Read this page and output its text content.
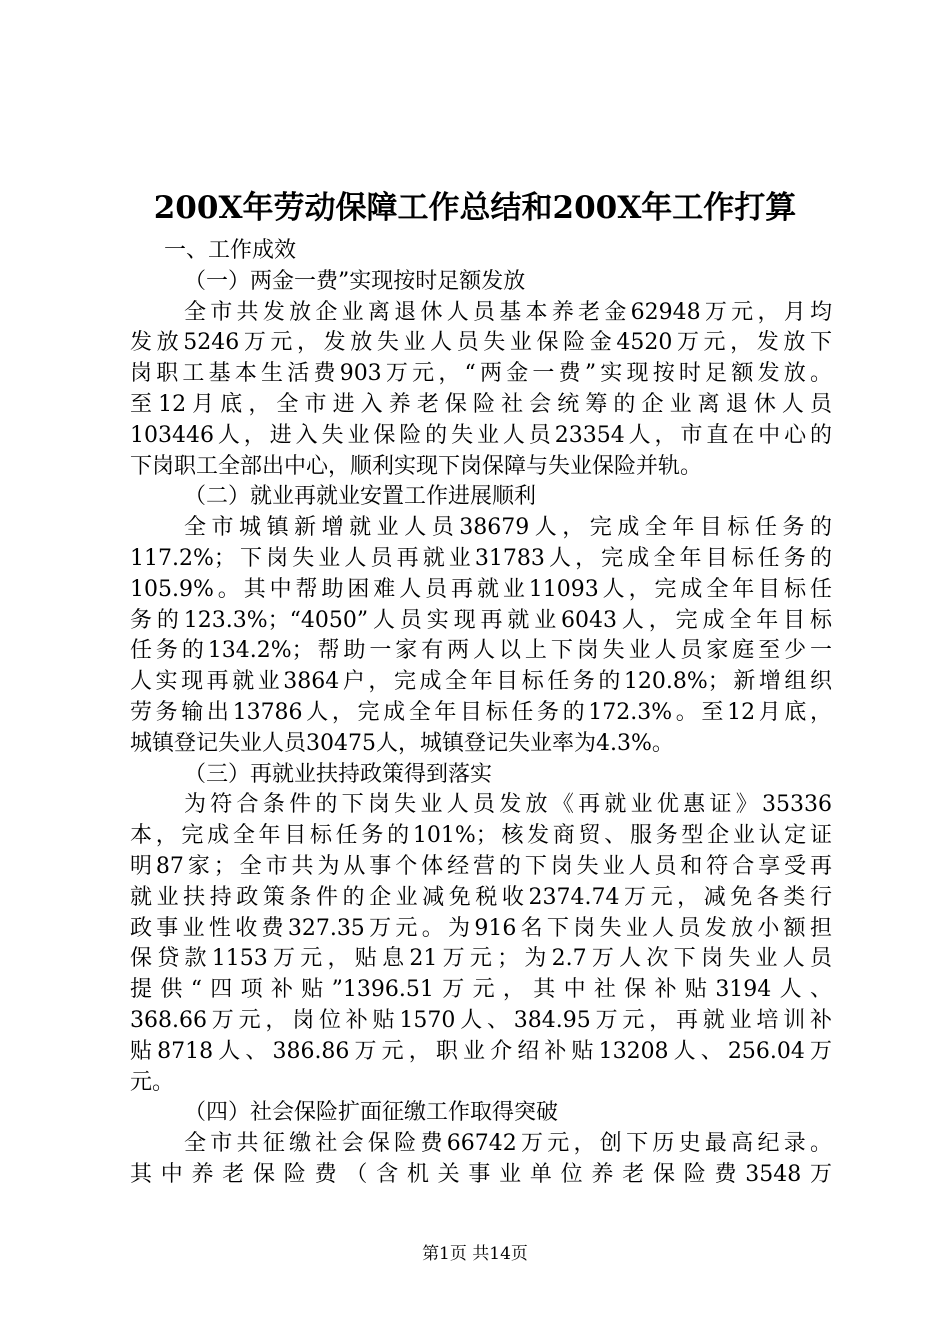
200X年劳动保障工作总结和200X年工作打算
一、工作成效
（一）两金一费”实现按时足额发放
全市共发放企业离退休人员基本养老金62948万元，月均
发放5246万元，发放失业人员失业保险金4520万元，发放下
岗职工基本生活费903万元，“两金一费”实现按时足额发放。
至12月底，全市进入养老保险社会统筹的企业离退休人员
103446人，进入失业保险的失业人员23354人，市直在中心的
下岗职工全部出中心，顺利实现下岗保障与失业保险并轨。
（二）就业再就业安置工作进展顺利
全市城镇新增就业人员38679人，完成全年目标任务的
117.2%；下岗失业人员再就业31783人，完成全年目标任务的
105.9%。其中帮助困难人员再就业11093人，完成全年目标任
务的123.3%；“4050”人员实现再就业6043人，完成全年目标
任务的134.2%；帮助一家有两人以上下岗失业人员家庭至少一
人实现再就业3864户，完成全年目标任务的120.8%；新增组织
劳务输出13786人，完成全年目标任务的172.3%。至12月底，
城镇登记失业人员30475人，城镇登记失业率为4.3%。
（三）再就业扶持政策得到落实
为符合条件的下岗失业人员发放《再就业优惠证》35336
本，完成全年目标任务的101%；核发商贸、服务型企业认定证
明87家；全市共为从事个体经营的下岗失业人员和符合享受再
就业扶持政策条件的企业减免税收2374.74万元，减免各类行
政事业性收费327.35万元。为916名下岗失业人员发放小额担
保贷款1153万元，贴息21万元；为2.7万人次下岗失业人员
提供“四项补贴”1396.51万元，其中社保补贴3194人、
368.66万元，岗位补贴1570人、384.95万元，再就业培训补
贴8718人、386.86万元，职业介绍补贴13208人、256.04万
元。
（四）社会保险扩面征缴工作取得突破
全市共征缴社会保险费66742万元，创下历史最高纪录。
其中养老保险费（含机关事业单位养老保险费3548万
第1页 共14页
